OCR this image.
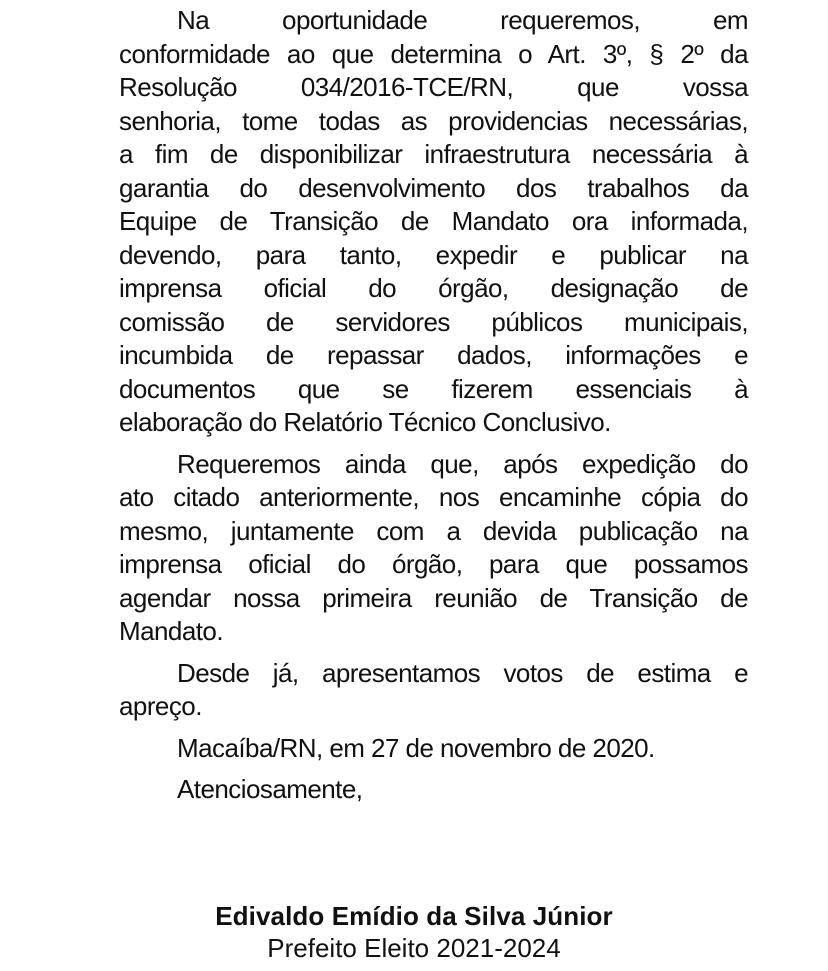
Na oportunidade requeremos, em
conformidade ao que determina o Art. 3º, § 2º da
Resolução 034/2016-TCE/RN, que vossa
senhoria, tome todas as providencias necessárias,
a fim de disponibilizar infraestrutura necessária à
garantia do desenvolvimento dos trabalhos da
Equipe de Transição de Mandato ora informada,
devendo, para tanto, expedir e publicar na
imprensa oficial do órgão, designação de
comissão de servidores públicos municipais,
incumbida de repassar dados, informações e
documentos que se fizerem essenciais à
elaboração do Relatório Técnico Conclusivo.
Requeremos ainda que, após expedição do
ato citado anteriormente, nos encaminhe cópia do
mesmo, juntamente com a devida publicação na
imprensa oficial do órgão, para que possamos
agendar nossa primeira reunião de Transição de
Mandato.
Desde já, apresentamos votos de estima e
apreço.
Macaíba/RN, em 27 de novembro de 2020.
Atenciosamente,
Edivaldo Emídio da Silva Júnior
Prefeito Eleito 2021-2024
